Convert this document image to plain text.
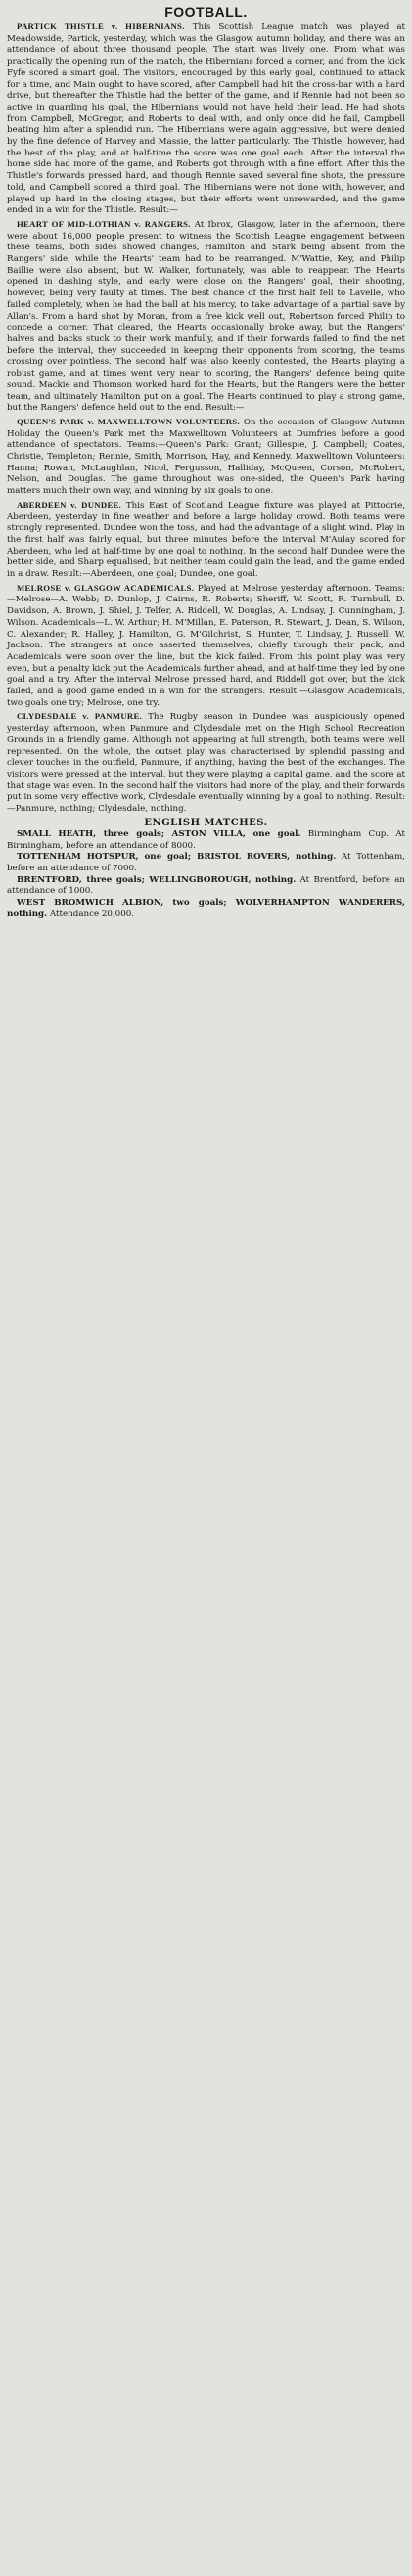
FOOTBALL.

PARTICK THISTLE v. HIBERNIANS. This Scottish League match was played at Meadowside, Partick, yesterday, which was the Glasgow autumn holiday, and there was an attendance of about three thousand people. The start was lively one. From what was practically the opening run of the match, the Hibernians forced a corner, and from the kick Fyfe scored a smart goal. The visitors, encouraged by this early goal, continued to attack for a time, and Main ought to have scored, after Campbell had hit the cross-bar with a hard drive, but thereafter the Thistle had the better of the game, and if Rennie had not been so active in guarding his goal, the Hibernians would not have held their lead. He had shots from Campbell, McGregor, and Roberts to deal with, and only once did he fail, Campbell beating him after a splendid run. The Hibernians were again aggressive, but were denied by the fine defence of Harvey and Massie, the latter particularly. The Thistle, however, had the best of the play, and at half-time the score was one goal each. After the interval the home side had more of the game, and Roberts got through with a fine effort. After this the Thistle's forwards pressed hard, and though Rennie saved several fine shots, the pressure told, and Campbell scored a third goal. The Hibernians were not done with, however, and played up hard in the closing stages, but their efforts went unrewarded, and the game ended in a win for the Thistle. Result:—

HEART OF MID-LOTHIAN v. RANGERS. At Ibrox, Glasgow, later in the afternoon, there were about 16,000 people present to witness the Scottish League engagement between these teams, both sides showed changes, Hamilton and Stark being absent from the Rangers' side, while the Hearts' team had to be rearranged. M'Wattie, Key, and Philip Baillie were also absent, but W. Walker, fortunately, was able to reappear. The Hearts opened in dashing style, and early were close on the Rangers' goal, their shooting, however, being very faulty at times. The best chance of the first half fell to Lavelle, who failed completely, when he had the ball at his mercy, to take advantage of a partial save by Allan's. From a hard shot by Moran, from a free kick well out, Robertson forced Philip to concede a corner. That cleared, the Hearts occasionally broke away, but the Rangers' halves and backs stuck to their work manfully, and if their forwards failed to find the net before the interval, they succeeded in keeping their opponents from scoring, the teams crossing over pointless. The second half was also keenly contested, the Hearts playing a robust game, and at times went very near to scoring, the Rangers' defence being quite sound. Mackie and Thomson worked hard for the Hearts, but the Rangers were the better team, and ultimately Hamilton put on a goal. The Hearts continued to play a strong game, but the Rangers' defence held out to the end. Result:—

QUEEN'S PARK v. MAXWELLTOWN VOLUNTEERS. On the occasion of Glasgow Autumn Holiday the Queen's Park met the Maxwelltown Volunteers at Dumfries before a good attendance of spectators. Teams:—Queen's Park: Grant; Gillespie, J. Campbell; Coates, Christie, Templeton; Rennie, Smith, Morrison, Hay, and Kennedy. Maxwelltown Volunteers: Hanna; Rowan, McLaughlan, Nicol, Fergusson, Halliday, McQueen, Corson, McRobert, Nelson, and Douglas. The game throughout was one-sided, the Queen's Park having matters much their own way, and winning by six goals to one.

ABERDEEN v. DUNDEE. This East of Scotland League fixture was played at Pittodrie, Aberdeen, yesterday in fine weather and before a large holiday crowd. Both teams were strongly represented. Dundee won the toss, and had the advantage of a slight wind. Play in the first half was fairly equal, but three minutes before the interval M'Aulay scored for Aberdeen, who led at half-time by one goal to nothing. In the second half Dundee were the better side, and Sharp equalised, but neither team could gain the lead, and the game ended in a draw. Result:—Aberdeen, one goal; Dundee, one goal.

MELROSE v. GLASGOW ACADEMICALS. Played at Melrose yesterday afternoon. Teams:—Melrose—A. Webb; D. Dunlop, J. Cairns, R. Roberts; Sheriff, W. Scott, R. Turnbull, D. Davidson, A. Brown, J. Shiel, J. Telfer, A. Riddell, W. Douglas, A. Lindsay, J. Cunningham, J. Wilson. Academicals—L. W. Arthur; H. M'Millan, E. Paterson, R. Stewart, J. Dean, S. Wilson, C. Alexander; R. Halley, J. Hamilton, G. M'Gilchrist, S. Hunter, T. Lindsay, J. Russell, W. Jackson. The strangers at once asserted themselves, chiefly through their pack, and Academicals were soon over the line, but the kick failed. From this point play was very even, but a penalty kick put the Academicals further ahead, and at half-time they led by one goal and a try. After the interval Melrose pressed hard, and Riddell got over, but the kick failed, and a good game ended in a win for the strangers. Result:—Glasgow Academicals, two goals one try; Melrose, one try.

CLYDESDALE v. PANMURE. The Rugby season in Dundee was auspiciously opened yesterday afternoon, when Panmure and Clydesdale met on the High School Recreation Grounds in a friendly game. Although not appearing at full strength, both teams were well represented. On the whole, the outset play was characterised by splendid passing and clever touches in the outfield, Panmure, if anything, having the best of the exchanges. The visitors were pressed at the interval, but they were playing a capital game, and the score at that stage was even. In the second half the visitors had more of the play, and their forwards put in some very effective work, Clydesdale eventually winning by a goal to nothing. Result:—Panmure, nothing; Clydesdale, nothing.

ENGLISH MATCHES.

SMALL HEATH, three goals; ASTON VILLA, one goal. Birmingham Cup. At Birmingham, before an attendance of 8000.

TOTTENHAM HOTSPUR, one goal; BRISTOL ROVERS, nothing. At Tottenham, before an attendance of 7000.

BRENTFORD, three goals; WELLINGBOROUGH, nothing. At Brentford, before an attendance of 1000.

WEST BROMWICH ALBION, two goals; WOLVERHAMPTON WANDERERS, nothing. Attendance 20,000.
